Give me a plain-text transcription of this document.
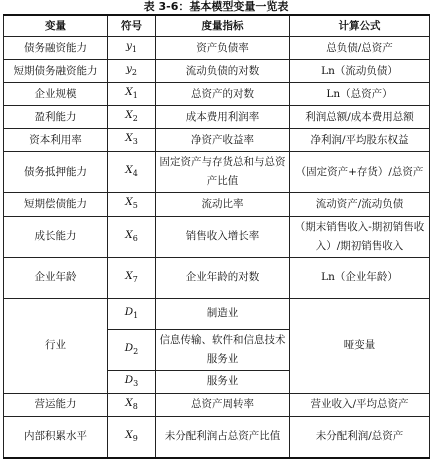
表 3-6：基本模型变量一览表
变量	符号	度量指标	计算公式
债务融资能力	$y_1$	资产负债率	总负债/总资产
短期债务融资能力	$y_2$	流动负债的对数	Ln（流动负债）
企业规模	$X_1$	总资产的对数	Ln（总资产）
盈利能力	$X_2$	成本费用利润率	利润总额/成本费用总额
资本利用率	$X_3$	净资产收益率	净利润/平均股东权益
债务抵押能力	$X_4$	固定资产与存货总和与总资产比值	（固定资产+存货）/总资产
短期偿债能力	$X_5$	流动比率	流动资产/流动负债
成长能力	$X_6$	销售收入增长率	（期末销售收入-期初销售收入）/期初销售收入
企业年龄	$X_7$	企业年龄的对数	Ln（企业年龄）
行业	$D_1$	制造业	哑变量
	$D_2$	信息传输、软件和信息技术服务业	
	$D_3$	服务业	
营运能力	$X_8$	总资产周转率	营业收入/平均总资产
内部积累水平	$X_9$	未分配利润占总资产比值	未分配利润/总资产
